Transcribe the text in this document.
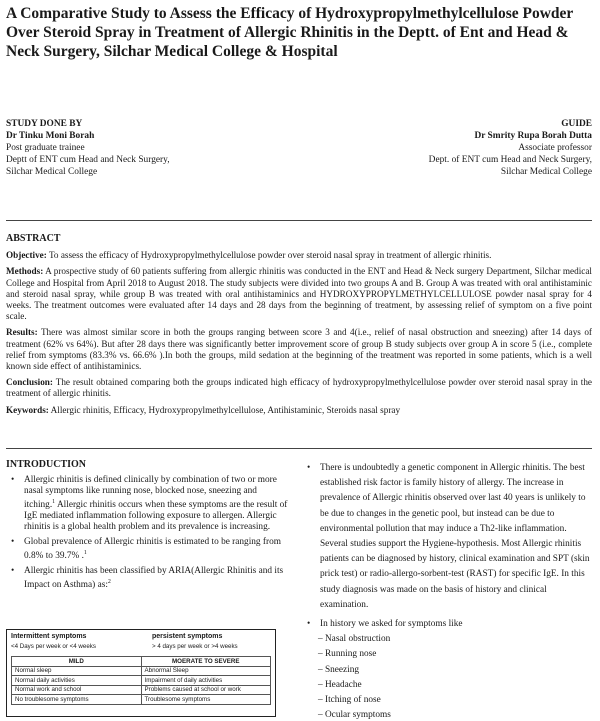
A Comparative Study to Assess the Efficacy of Hydroxypropylmethylcellulose Powder Over Steroid Spray in Treatment of Allergic Rhinitis in the Deptt. of Ent and Head & Neck Surgery, Silchar Medical College & Hospital
STUDY DONE BY
Dr Tinku Moni Borah
Post graduate trainee
Deptt of ENT cum Head and Neck Surgery,
Silchar Medical College
GUIDE
Dr Smrity Rupa Borah Dutta
Associate professor
Dept. of ENT cum Head and Neck Surgery,
Silchar Medical College
ABSTRACT

Objective: To assess the efficacy of Hydroxypropylmethylcellulose powder over steroid nasal spray in treatment of allergic rhinitis.

Methods: A prospective study of 60 patients suffering from allergic rhinitis was conducted in the ENT and Head & Neck surgery Department, Silchar medical College and Hospital from April 2018 to August 2018. The study subjects were divided into two groups A and B. Group A was treated with oral antihistaminic and steroid nasal spray, while group B was treated with oral antihistaminics and HYDROXYPROPYLMETHYLCELLULOSE powder nasal spray for 4 weeks. The treatment outcomes were evaluated after 14 days and 28 days from the beginning of treatment, by assessing relief of symptom on a five point scale.

Results: There was almost similar score in both the groups ranging between score 3 and 4(i.e., relief of nasal obstruction and sneezing) after 14 days of treatment (62% vs 64%). But after 28 days there was significantly better improvement score of group B study subjects over group A in score 5 (i.e., complete relief from symptoms (83.3% vs. 66.6% ).In both the groups, mild sedation at the beginning of the treatment was reported in some patients, which is a well known side effect of antihistaminics.

Conclusion: The result obtained comparing both the groups indicated high efficacy of hydroxypropylmethylcellulose powder over steroid nasal spray in the treatment of allergic rhinitis.

Keywords: Allergic rhinitis, Efficacy, Hydroxypropylmethylcellulose, Antihistaminic, Steroids nasal spray

INTRODUCTION
• Allergic rhinitis is defined clinically by combination of two or more nasal symptoms like running nose, blocked nose, sneezing and itching.$^1$ Allergic rhinitis occurs when these symptoms are the result of IgE mediated inflammation following exposure to allergen. Allergic rhinitis is a global health problem and its prevalence is increasing.
• Global prevalence of Allergic rhinitis is estimated to be ranging from 0.8% to 39.7% .$^1$
• Allergic rhinitis has been classified by ARIA(Allergic Rhinitis and its Impact on Asthma) as:$^2$
Intermittent symptoms	persistent symptoms
<4 Days per week or <4 weeks	> 4 days per week or >4 weeks
MILD	MOERATE TO SEVERE
Normal sleep	Abnormal Sleep
Normal daily activities	Impairment of daily activities
Normal work and school	Problems caused at school or work
No troublesome symptoms	Troublesome symptoms
• There is undoubtedly a genetic component in Allergic rhinitis. The best established risk factor is family history of allergy. The increase in prevalence of Allergic rhinitis observed over last 40 years is unlikely to be due to changes in the genetic pool, but instead can be due to environmental pollution that may induce a Th2-like inflammation. Several studies support the Hygiene-hypothesis. Most Allergic rhinitis patients can be diagnosed by history, clinical examination and SPT (skin prick test) or radio-allergo-sorbent-test (RAST) for specific IgE. In this study diagnosis was made on the basis of history and clinical examination.
• In history we asked for symptoms like
– Nasal obstruction
– Running nose
– Sneezing
– Headache
– Itching of nose
– Ocular symptoms
